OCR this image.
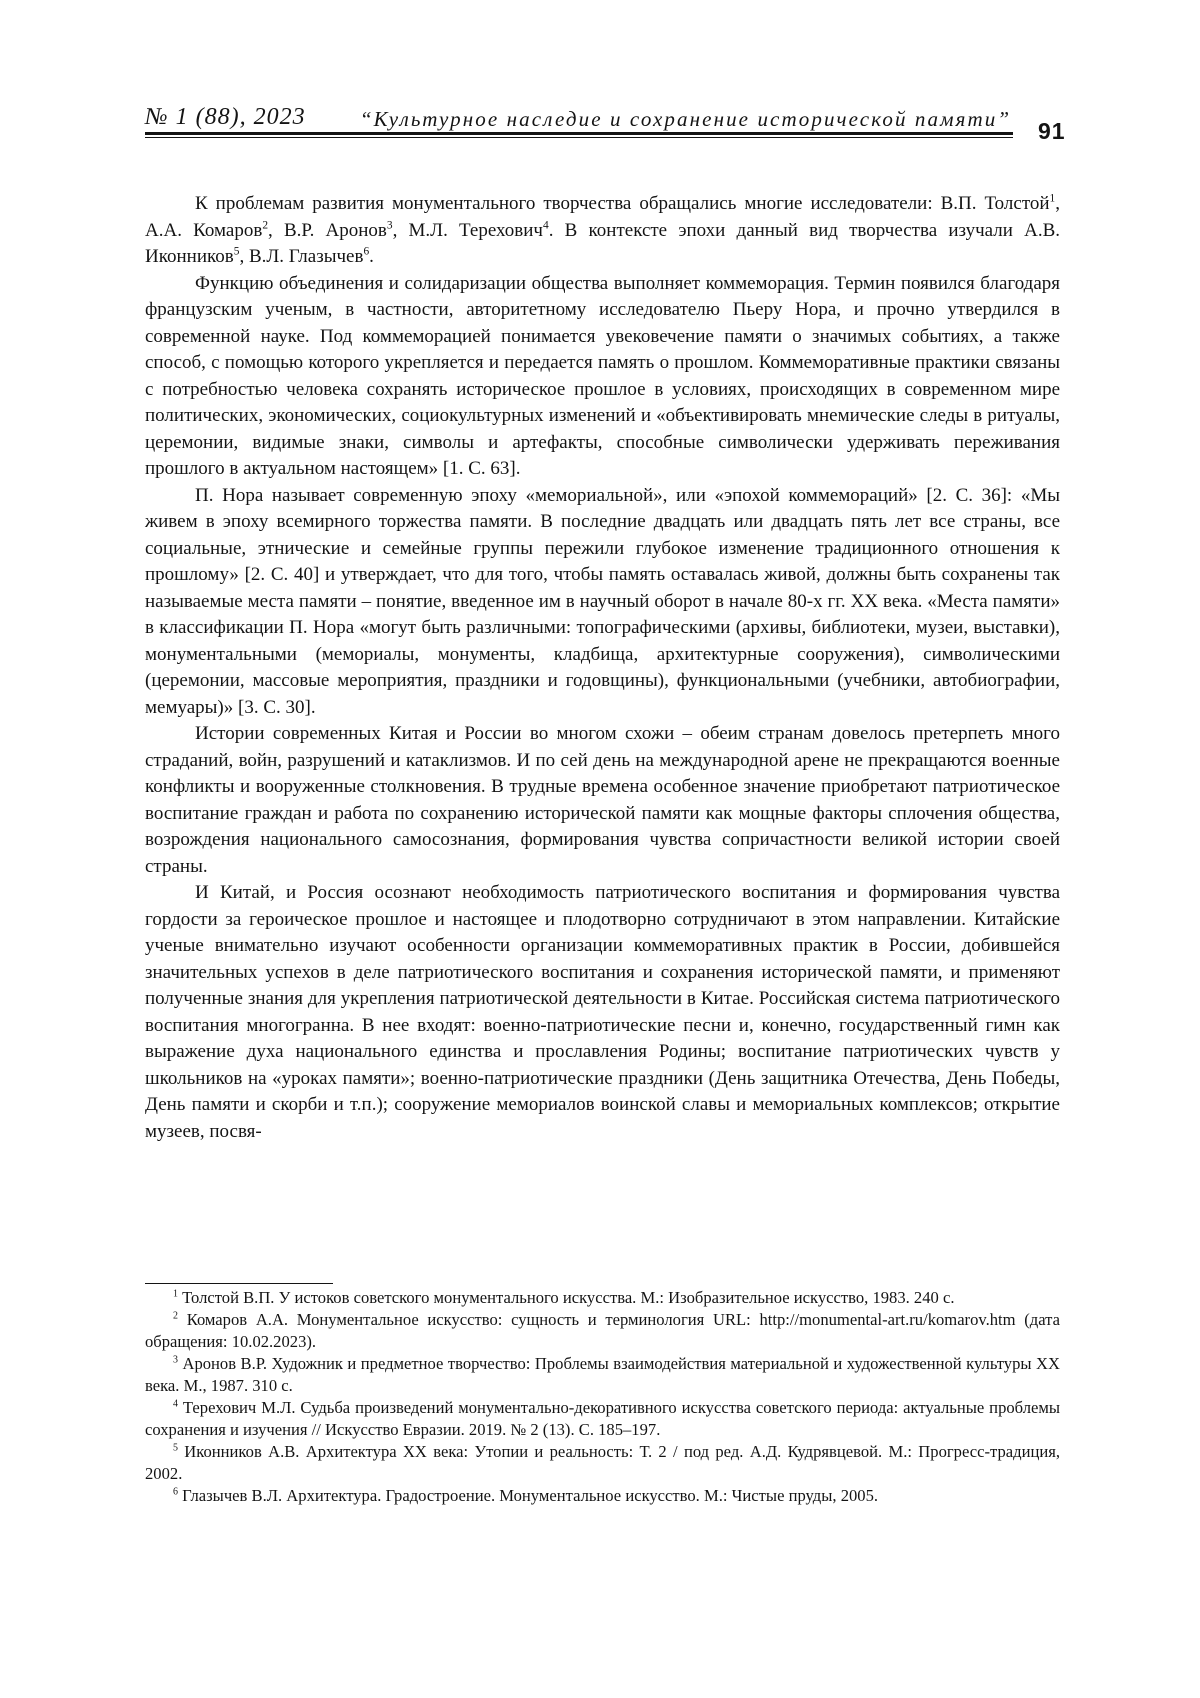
№ 1 (88), 2023	“Культурное наследие и сохранение исторической памяти” 91

К проблемам развития монументального творчества обращались многие исследователи: В.П. Толстой1, А.А. Комаров2, В.Р. Аронов3, М.Л. Терехович4. В контексте эпохи данный вид творчества изучали А.В. Иконников5, В.Л. Глазычев6.

Функцию объединения и солидаризации общества выполняет коммеморация. Термин появился благодаря французским ученым, в частности, авторитетному исследователю Пьеру Нора, и прочно утвердился в современной науке. Под коммеморацией понимается увековечение памяти о значимых событиях, а также способ, с помощью которого укрепляется и передается память о прошлом. Коммеморативные практики связаны с потребностью человека сохранять историческое прошлое в условиях, происходящих в современном мире политических, экономических, социокультурных изменений и «объективировать мнемические следы в ритуалы, церемонии, видимые знаки, символы и артефакты, способные символически удерживать переживания прошлого в актуальном настоящем» [1. С. 63].

П. Нора называет современную эпоху «мемориальной», или «эпохой коммемораций» [2. С. 36]: «Мы живем в эпоху всемирного торжества памяти. В последние двадцать или двадцать пять лет все страны, все социальные, этнические и семейные группы пережили глубокое изменение традиционного отношения к прошлому» [2. С. 40] и утверждает, что для того, чтобы память оставалась живой, должны быть сохранены так называемые места памяти – понятие, введенное им в научный оборот в начале 80-х гг. XX века. «Места памяти» в классификации П. Нора «могут быть различными: топографическими (архивы, библиотеки, музеи, выставки), монументальными (мемориалы, монументы, кладбища, архитектурные сооружения), символическими (церемонии, массовые мероприятия, праздники и годовщины), функциональными (учебники, автобиографии, мемуары)» [3. С. 30].

Истории современных Китая и России во многом схожи – обеим странам довелось претерпеть много страданий, войн, разрушений и катаклизмов. И по сей день на международной арене не прекращаются военные конфликты и вооруженные столкновения. В трудные времена особенное значение приобретают патриотическое воспитание граждан и работа по сохранению исторической памяти как мощные факторы сплочения общества, возрождения национального самосознания, формирования чувства сопричастности великой истории своей страны.

И Китай, и Россия осознают необходимость патриотического воспитания и формирования чувства гордости за героическое прошлое и настоящее и плодотворно сотрудничают в этом направлении. Китайские ученые внимательно изучают особенности организации коммеморативных практик в России, добившейся значительных успехов в деле патриотического воспитания и сохранения исторической памяти, и применяют полученные знания для укрепления патриотической деятельности в Китае. Российская система патриотического воспитания многогранна. В нее входят: военно-патриотические песни и, конечно, государственный гимн как выражение духа национального единства и прославления Родины; воспитание патриотических чувств у школьников на «уроках памяти»; военно-патриотические праздники (День защитника Отечества, День Победы, День памяти и скорби и т.п.); сооружение мемориалов воинской славы и мемориальных комплексов; открытие музеев, посвя-

1 Толстой В.П. У истоков советского монументального искусства. М.: Изобразительное искусство, 1983. 240 с.

2 Комаров А.А. Монументальное искусство: сущность и терминология URL: http://monumental-art.ru/komarov.htm (дата обращения: 10.02.2023).

3 Аронов В.Р. Художник и предметное творчество: Проблемы взаимодействия материальной и художественной культуры XX века. М., 1987. 310 с.

4 Терехович М.Л. Судьба произведений монументально-декоративного искусства советского периода: актуальные проблемы сохранения и изучения // Искусство Евразии. 2019. № 2 (13). С. 185–197.

5 Иконников А.В. Архитектура XX века: Утопии и реальность: Т. 2 / под ред. А.Д. Кудрявцевой. М.: Прогресс-традиция, 2002.

6 Глазычев В.Л. Архитектура. Градостроение. Монументальное искусство. М.: Чистые пруды, 2005.
